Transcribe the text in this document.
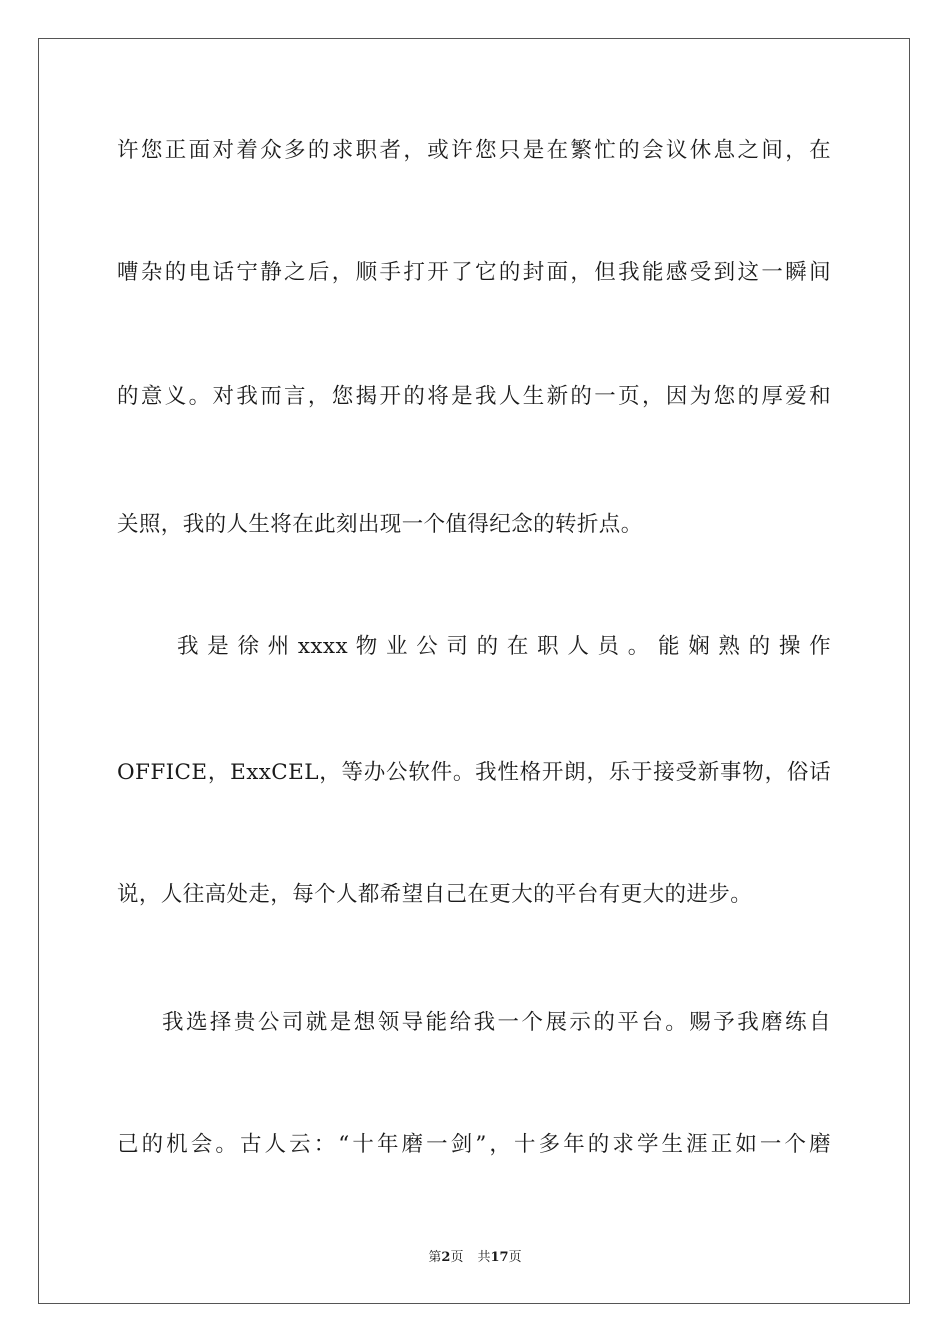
许您正面对着众多的求职者，或许您只是在繁忙的会议休息之间，在
嘈杂的电话宁静之后，顺手打开了它的封面，但我能感受到这一瞬间
的意义。对我而言，您揭开的将是我人生新的一页，因为您的厚爱和
关照，我的人生将在此刻出现一个值得纪念的转折点。
我 是 徐 州 xxxx 物 业 公 司 的 在 职 人 员 。 能 娴 熟 的 操 作
OFFICE，ExxCEL，等办公软件。我性格开朗，乐于接受新事物，俗话
说，人往高处走，每个人都希望自己在更大的平台有更大的进步。
我选择贵公司就是想领导能给我一个展示的平台。赐予我磨练自
己的机会。古人云：“十年磨一剑”，十多年的求学生涯正如一个磨
第2页 共17页
